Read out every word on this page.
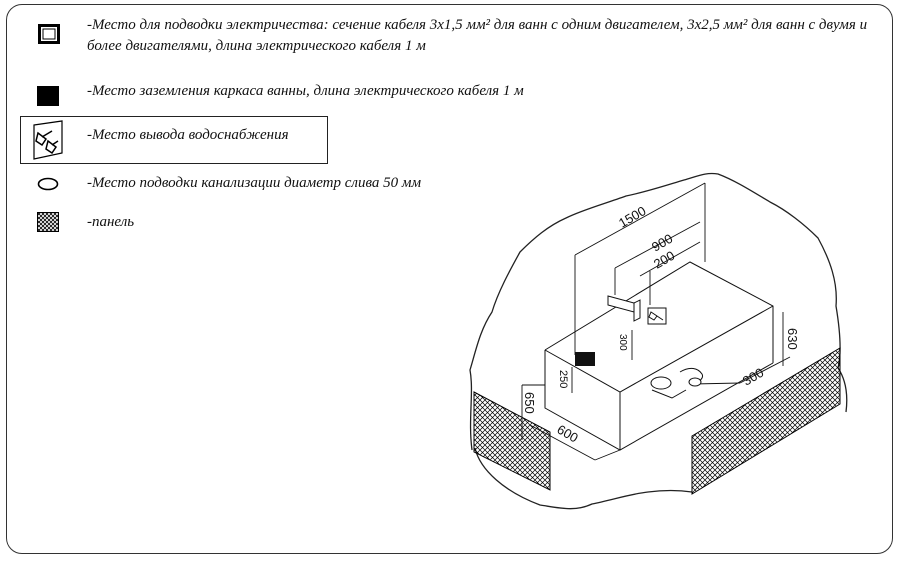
-Место для подводки электричества: сечение кабеля 3х1,5 мм² для ванн с одним двигателем, 3х2,5 мм² для ванн с двумя и
более двигателями, длина электрического кабеля 1 м
-Место заземления каркаса ванны, длина электрического кабеля 1 м
-Место вывода водоснабжения
-Место подводки канализации диаметр слива 50 мм
-панель	1500
900
200
630
300
300
250
650
600
